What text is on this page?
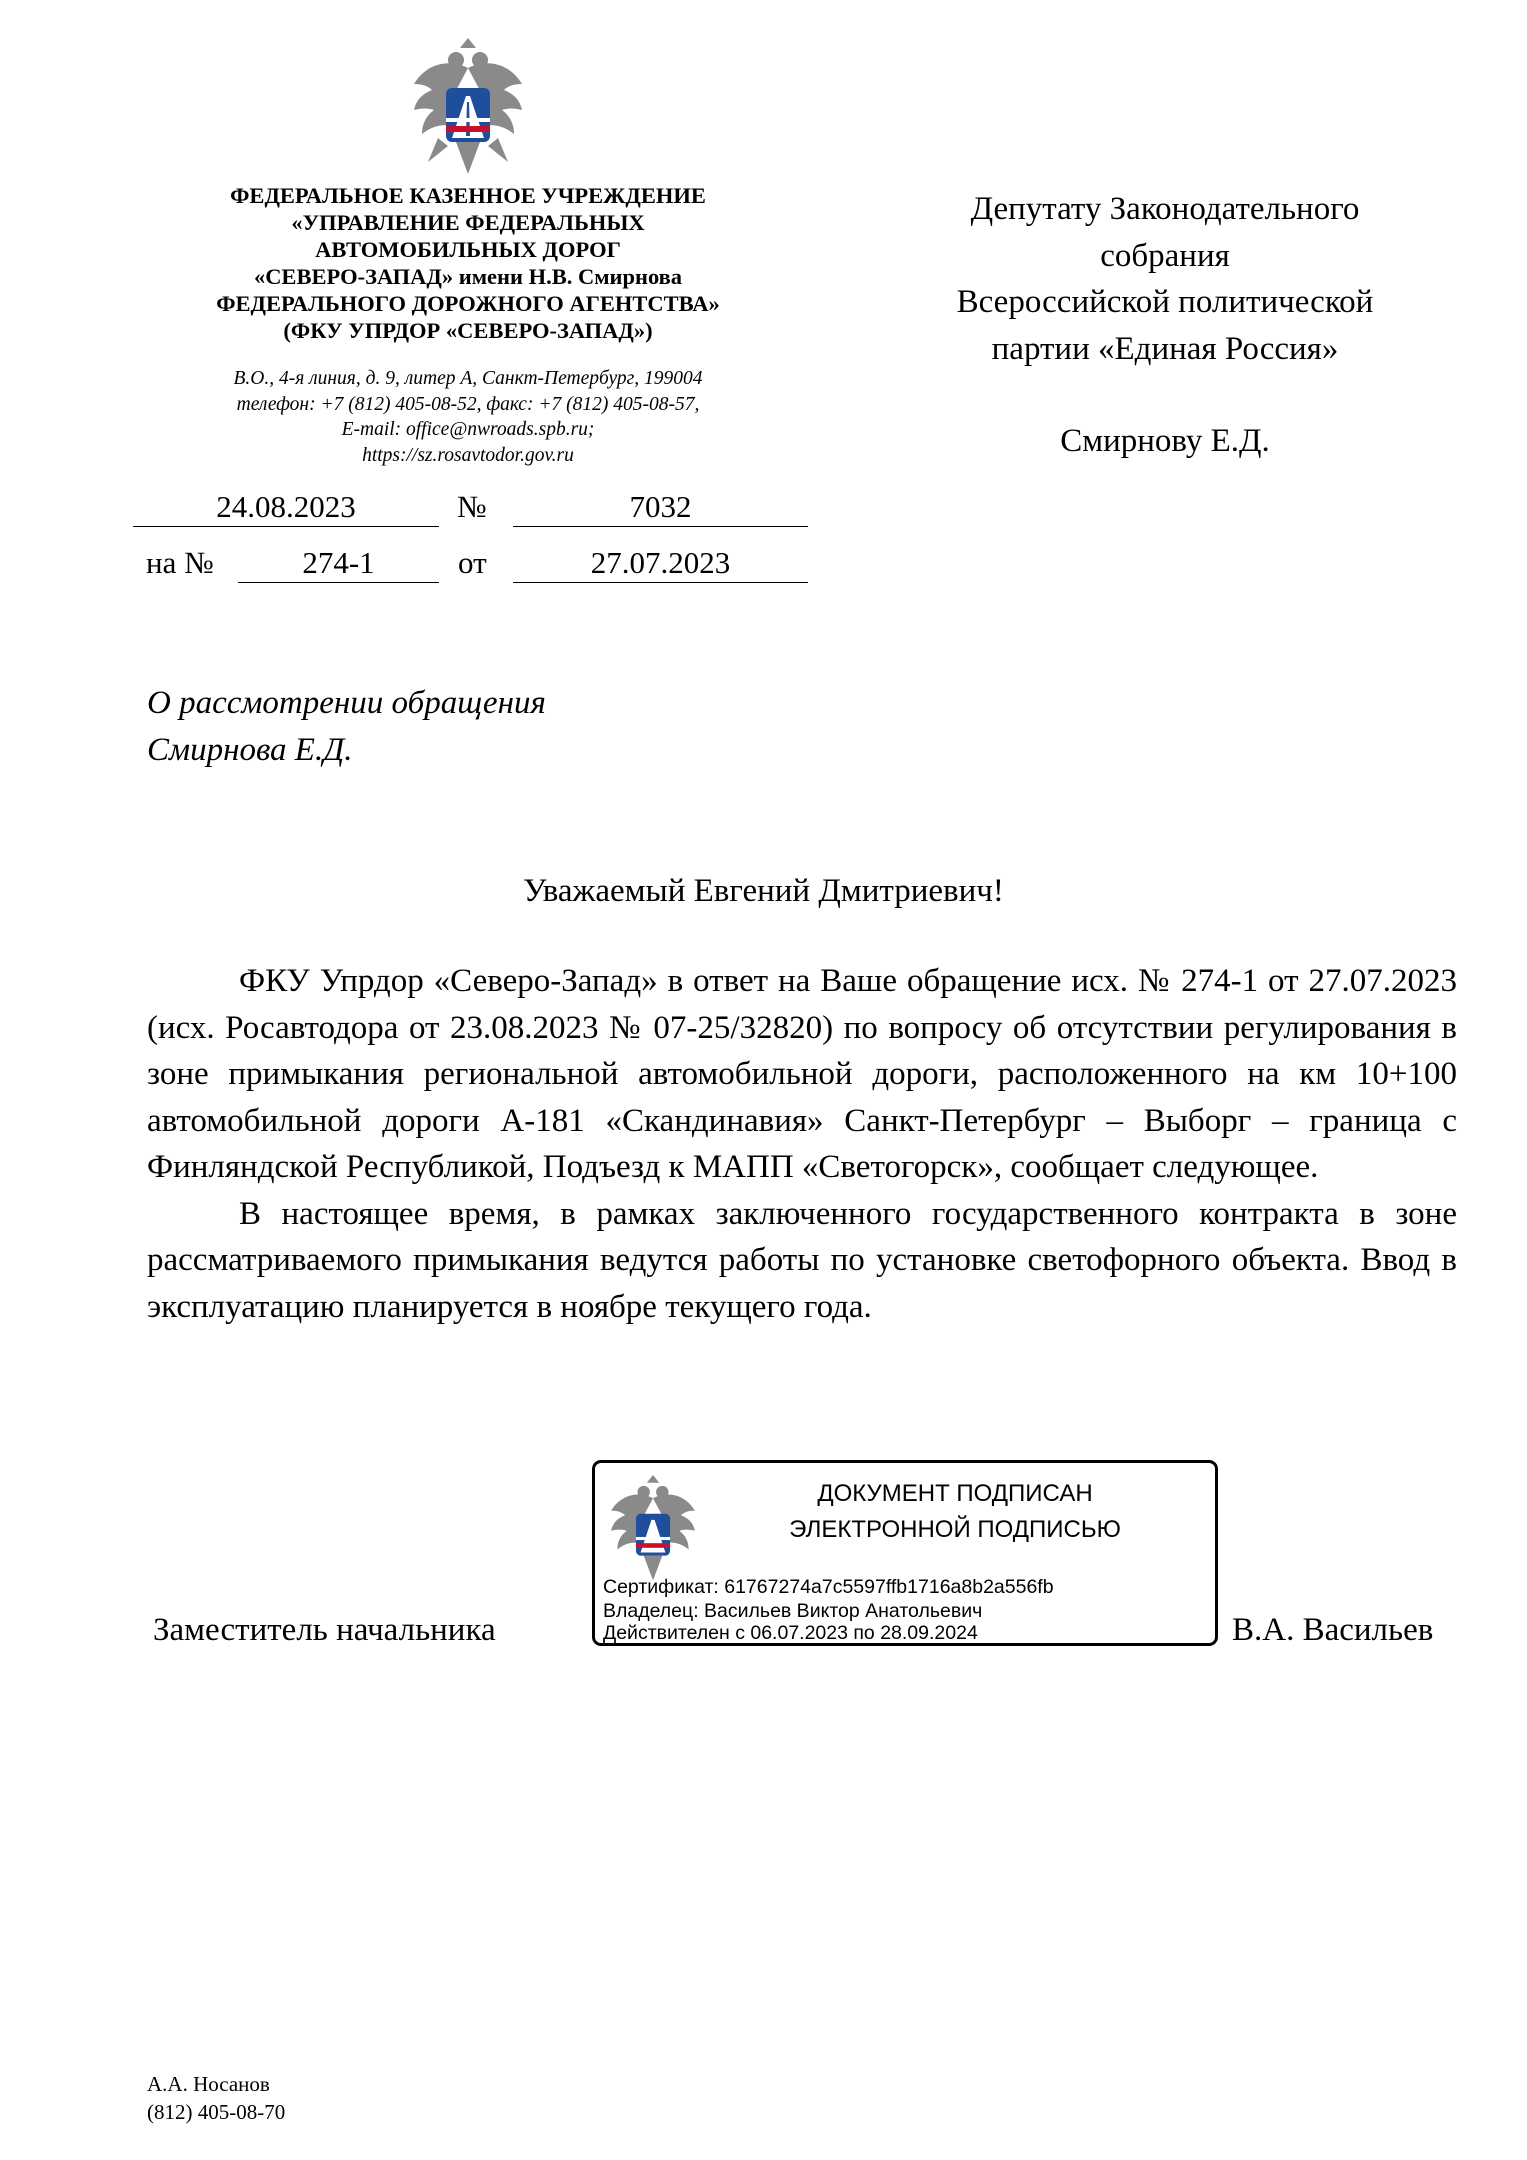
ФЕДЕРАЛЬНОЕ КАЗЕННОЕ УЧРЕЖДЕНИЕ
«УПРАВЛЕНИЕ ФЕДЕРАЛЬНЫХ
АВТОМОБИЛЬНЫХ ДОРОГ
«СЕВЕРО-ЗАПАД» имени Н.В. Смирнова
ФЕДЕРАЛЬНОГО ДОРОЖНОГО АГЕНТСТВА»
(ФКУ УПРДОР «СЕВЕРО-ЗАПАД»)
В.О., 4-я линия, д. 9, литер А, Санкт-Петербург, 199004
телефон: +7 (812) 405-08-52, факс: +7 (812) 405-08-57,
E-mail: office@nwroads.spb.ru;
https://sz.rosavtodor.gov.ru
24.08.2023	№	7032
на №	274-1	от	27.07.2023
Депутату Законодательного
собрания
Всероссийской политической
партии «Единая Россия»
Смирнову Е.Д.
О рассмотрении обращения
Смирнова Е.Д.
Уважаемый Евгений Дмитриевич!

ФКУ Упрдор «Северо-Запад» в ответ на Ваше обращение исх. № 274-1 от 27.07.2023 (исх. Росавтодора от 23.08.2023 № 07-25/32820) по вопросу об отсутствии регулирования в зоне примыкания региональной автомобильной дороги, расположенного на км 10+100 автомобильной дороги А-181 «Скандинавия» Санкт-Петербург – Выборг – граница с Финляндской Республикой, Подъезд к МАПП «Светогорск», сообщает следующее.

В настоящее время, в рамках заключенного государственного контракта в зоне рассматриваемого примыкания ведутся работы по установке светофорного объекта. Ввод в эксплуатацию планируется в ноябре текущего года.

Заместитель начальника
ДОКУМЕНТ ПОДПИСАН
ЭЛЕКТРОННОЙ ПОДПИСЬЮ
Сертификат: 61767274a7c5597ffb1716a8b2a556fb
Владелец: Васильев Виктор Анатольевич
Действителен с 06.07.2023 по 28.09.2024	В.А. Васильев
А.А. Носанов
(812) 405-08-70
